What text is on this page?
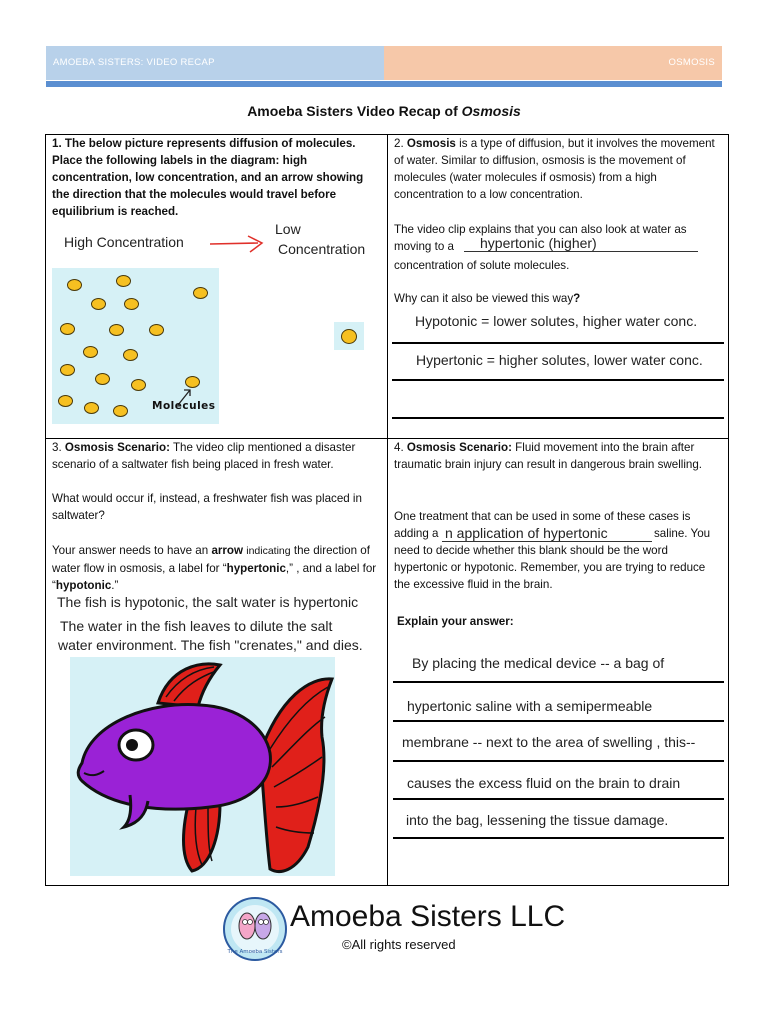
AMOEBA SISTERS: VIDEO RECAP	OSMOSIS
Amoeba Sisters Video Recap of Osmosis
1. The below picture represents diffusion of molecules. Place the following labels in the diagram: high concentration, low concentration, and an arrow showing the direction that the molecules would travel before equilibrium is reached.
High Concentration
Low
Concentration
Molecules
2. Osmosis is a type of diffusion, but it involves the movement of water. Similar to diffusion, osmosis is the movement of molecules (water molecules if osmosis) from a high concentration to a low concentration.
The video clip explains that you can also look at water as moving to a	hypertonic (higher)
concentration of solute molecules.
Why can it also be viewed this way?
Hypotonic = lower solutes, higher water conc.
Hypertonic = higher solutes, lower water conc.
3. Osmosis Scenario: The video clip mentioned a disaster scenario of a saltwater fish being placed in fresh water.
What would occur if, instead, a freshwater fish was placed in saltwater?
Your answer needs to have an arrow indicating the direction of water flow in osmosis, a label for “hypertonic,” , and a label for “hypotonic.”
The fish is hypotonic, the salt water is hypertonic
The water in the fish leaves to dilute the salt
water environment. The fish "crenates," and dies.
4. Osmosis Scenario: Fluid movement into the brain after traumatic brain injury can result in dangerous brain swelling.
One treatment that can be used in some of these cases is adding a n application of hypertonic	saline. You
need to decide whether this blank should be the word hypertonic or hypotonic. Remember, you are trying to reduce the excessive fluid in the brain.
Explain your answer:
By placing the medical device -- a bag of
hypertonic saline with a semipermeable
membrane -- next to the area of swelling , this--
causes the excess fluid on the brain to drain
into the bag, lessening the tissue damage.
The Amoeba Sisters
Amoeba Sisters LLC
©All rights reserved
